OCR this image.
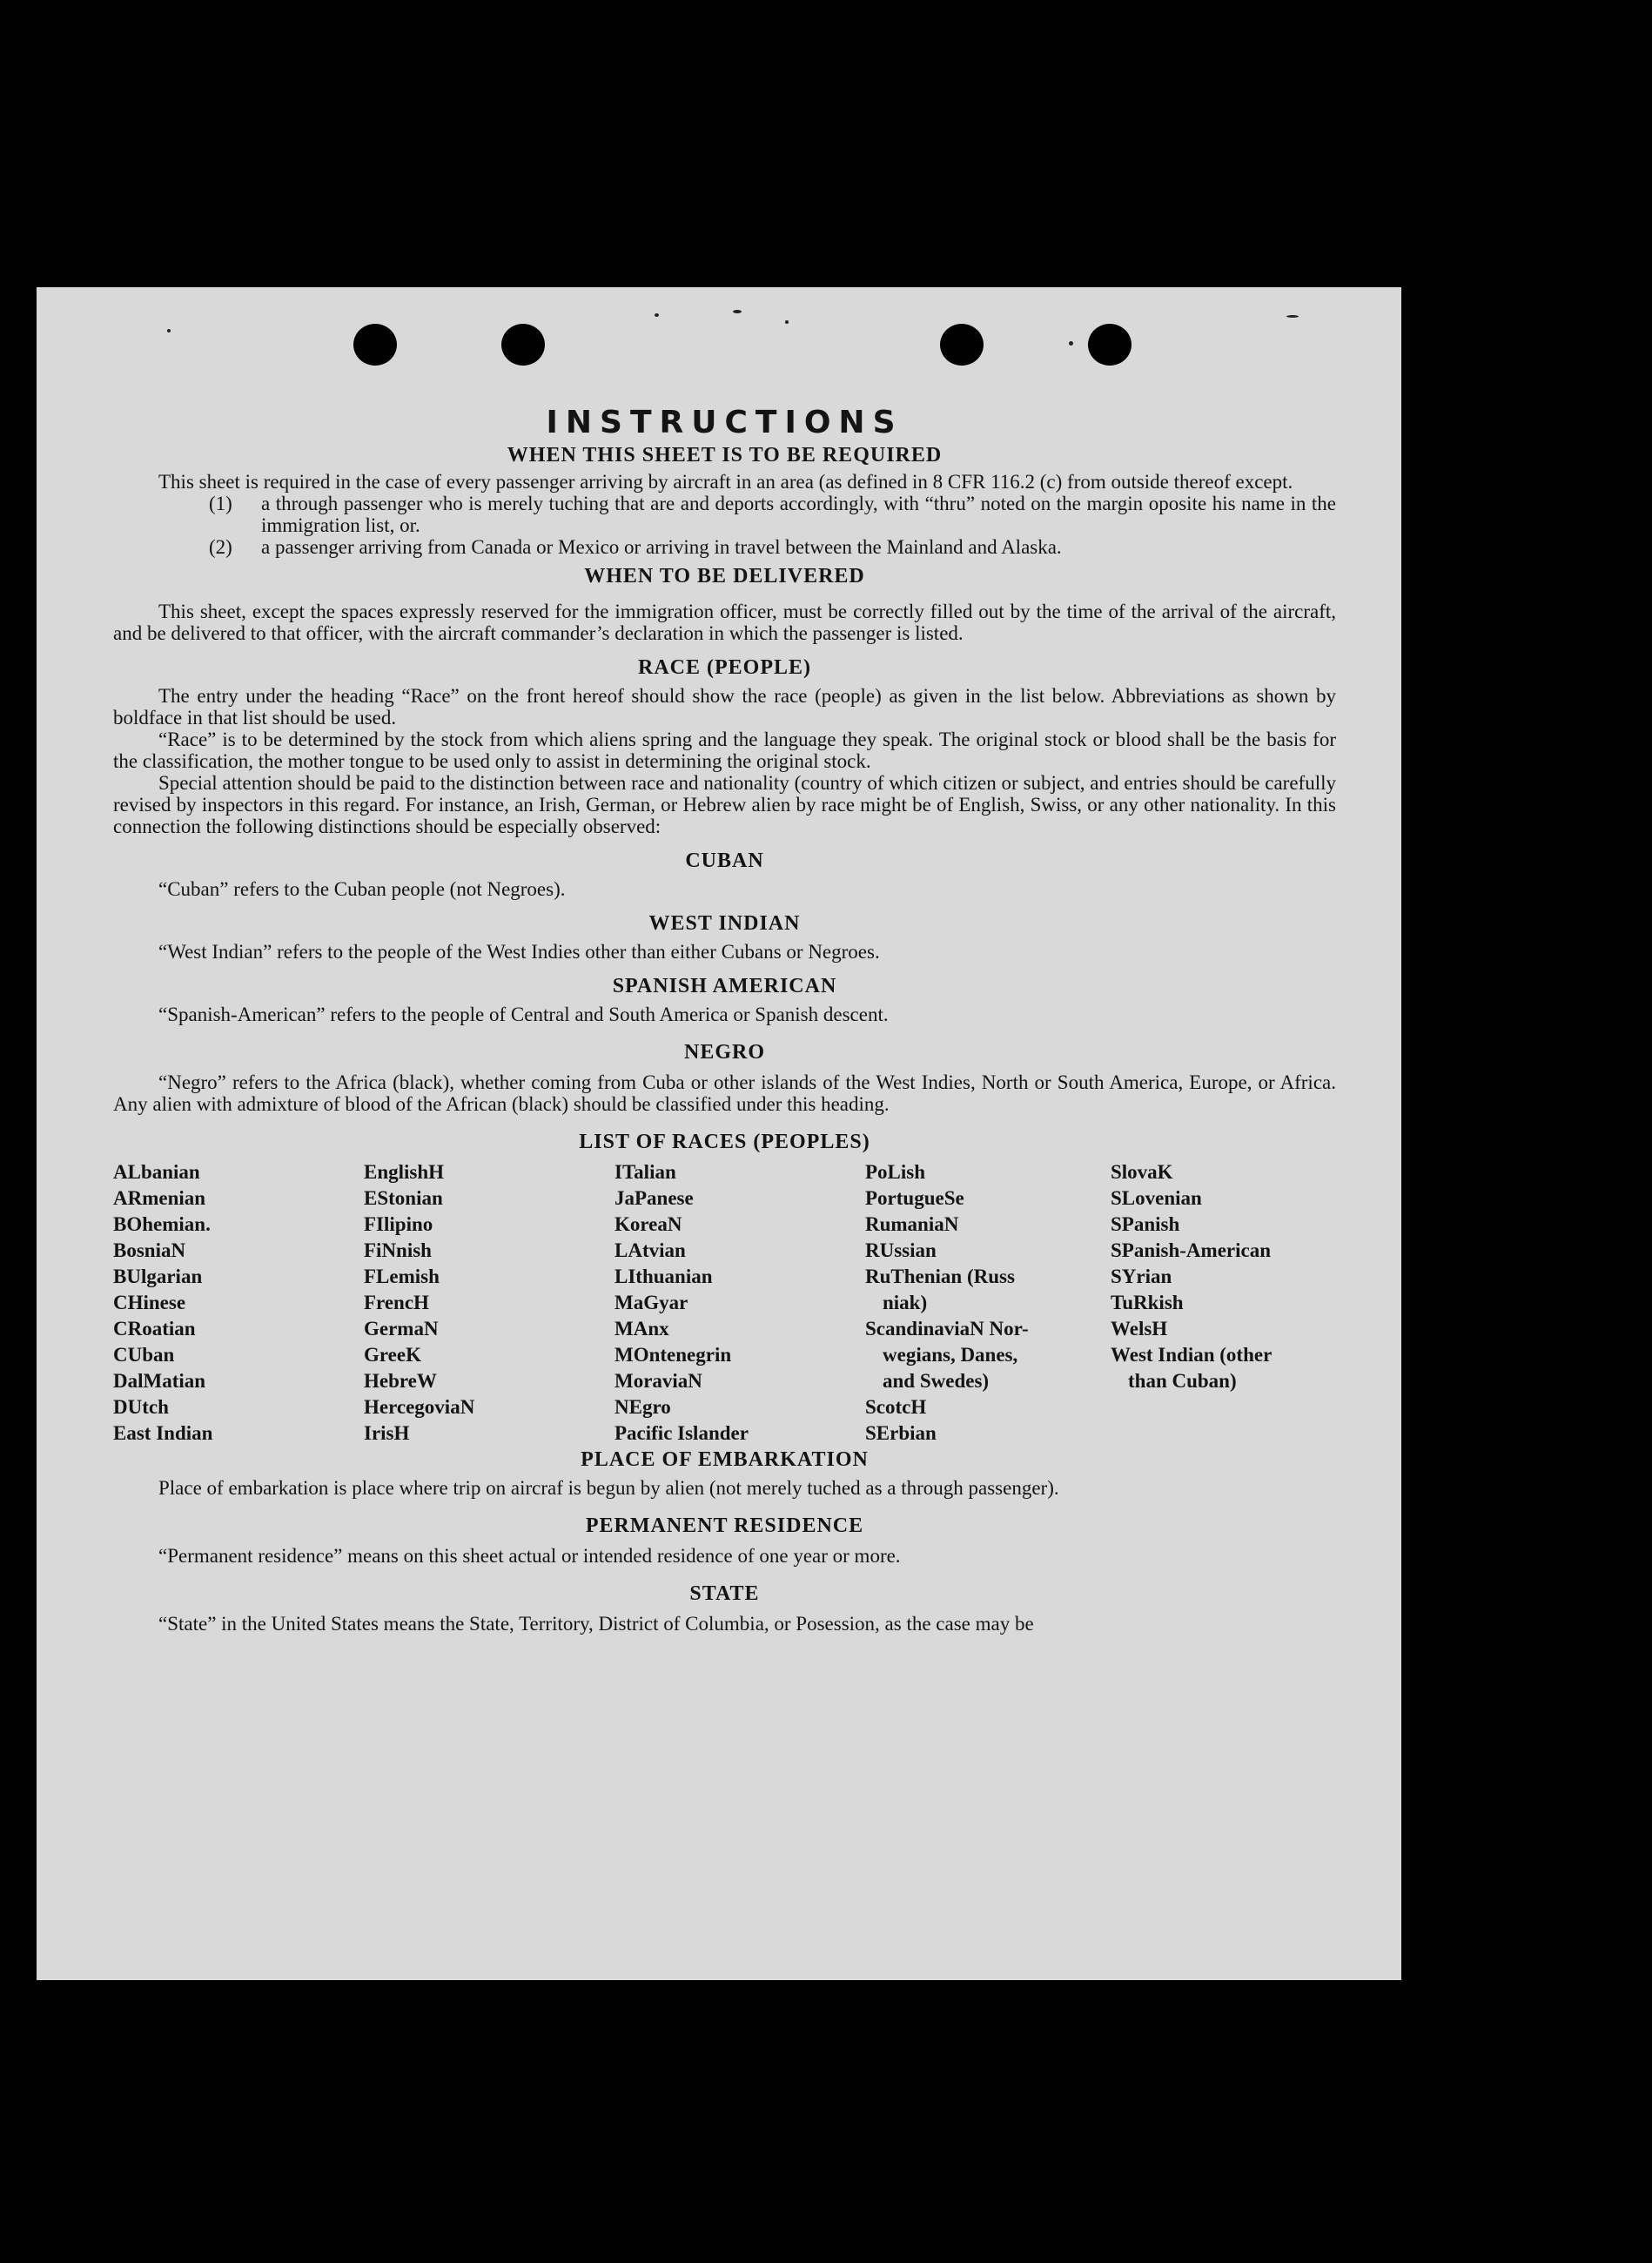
INSTRUCTIONS
WHEN THIS SHEET IS TO BE REQUIRED

This sheet is required in the case of every passenger arriving by aircraft in an area (as defined in 8 CFR 116.2 (c) from outside thereof except.

(1)	a through passenger who is merely tuching that are and deports accordingly, with “thru” noted on the margin oposite his name in the immigration list, or.
(2)	a passenger arriving from Canada or Mexico or arriving in travel between the Mainland and Alaska.
WHEN TO BE DELIVERED

This sheet, except the spaces expressly reserved for the immigration officer, must be correctly filled out by the time of the arrival of the aircraft, and be delivered to that officer, with the aircraft commander’s declaration in which the passenger is listed.

RACE (PEOPLE)

The entry under the heading “Race” on the front hereof should show the race (people) as given in the list below. Abbreviations as shown by boldface in that list should be used.

“Race” is to be determined by the stock from which aliens spring and the language they speak. The original stock or blood shall be the basis for the classification, the mother tongue to be used only to assist in determining the original stock.

Special attention should be paid to the distinction between race and nationality (country of which citizen or subject, and entries should be carefully revised by inspectors in this regard. For instance, an Irish, German, or Hebrew alien by race might be of English, Swiss, or any other nationality. In this connection the following distinctions should be especially observed:

CUBAN

“Cuban” refers to the Cuban people (not Negroes).

WEST INDIAN

“West Indian” refers to the people of the West Indies other than either Cubans or Negroes.

SPANISH AMERICAN

“Spanish-American” refers to the people of Central and South America or Spanish descent.

NEGRO

“Negro” refers to the Africa (black), whether coming from Cuba or other islands of the West Indies, North or South America, Europe, or Africa. Any alien with admixture of blood of the African (black) should be classified under this heading.

LIST OF RACES (PEOPLES)
ALbanian
ARmenian
BOhemian.
BosniaN
BUlgarian
CHinese
CRoatian
CUban
DalMatian
DUtch
East Indian
EnglishH
EStonian
FIlipino
FiNnish
FLemish
FrencH
GermaN
GreeK
HebreW
HercegoviaN
IrisH
ITalian
JaPanese
KoreaN
LAtvian
LIthuanian
MaGyar
MAnx
MOntenegrin
MoraviaN
NEgro
Pacific Islander
PoLish
PortugueSe
RumaniaN
RUssian
RuThenian (Russ
niak)
ScandinaviaN Nor-
wegians, Danes,
and Swedes)
ScotcH
SErbian
SlovaK
SLovenian
SPanish
SPanish-American
SYrian
TuRkish
WelsH
West Indian (other
than Cuban)
PLACE OF EMBARKATION

Place of embarkation is place where trip on aircraf is begun by alien (not merely tuched as a through passenger).

PERMANENT RESIDENCE

“Permanent residence” means on this sheet actual or intended residence of one year or more.

STATE

“State” in the United States means the State, Territory, District of Columbia, or Posession, as the case may be
